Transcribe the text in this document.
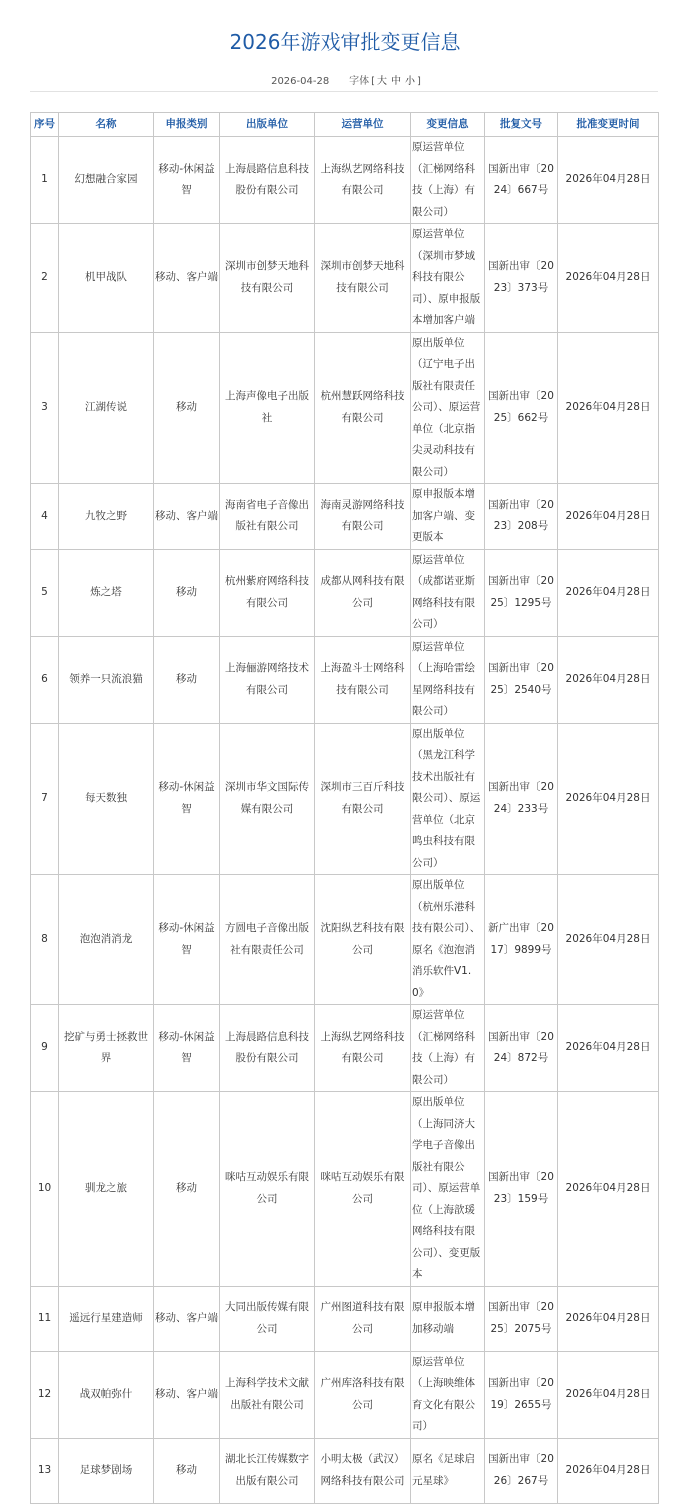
2026年游戏审批变更信息
2026-04-28 字体 [ 大 中 小 ]
序号	名称	申报类别	出版单位	运营单位	变更信息	批复文号	批准变更时间
1	幻想融合家园	移动-休闲益智	上海晨路信息科技股份有限公司	上海纵艺网络科技有限公司	原运营单位（汇梯网络科技（上海）有限公司）	国新出审〔2024〕667号	2026年04月28日
2	机甲战队	移动、客户端	深圳市创梦天地科技有限公司	深圳市创梦天地科技有限公司	原运营单位（深圳市梦域科技有限公司）、原申报版本增加客户端	国新出审〔2023〕373号	2026年04月28日
3	江湖传说	移动	上海声像电子出版社	杭州慧跃网络科技有限公司	原出版单位（辽宁电子出版社有限责任公司）、原运营单位（北京指尖灵动科技有限公司）	国新出审〔2025〕662号	2026年04月28日
4	九牧之野	移动、客户端	海南省电子音像出版社有限公司	海南灵游网络科技有限公司	原申报版本增加客户端、变更版本	国新出审〔2023〕208号	2026年04月28日
5	炼之塔	移动	杭州紫府网络科技有限公司	成都从网科技有限公司	原运营单位（成都诺亚斯网络科技有限公司）	国新出审〔2025〕1295号	2026年04月28日
6	领养一只流浪猫	移动	上海俪游网络技术有限公司	上海盈斗士网络科技有限公司	原运营单位（上海哈雷绘星网络科技有限公司）	国新出审〔2025〕2540号	2026年04月28日
7	每天数独	移动-休闲益智	深圳市华文国际传媒有限公司	深圳市三百斤科技有限公司	原出版单位（黑龙江科学技术出版社有限公司）、原运营单位（北京鸣虫科技有限公司）	国新出审〔2024〕233号	2026年04月28日
8	泡泡消消龙	移动-休闲益智	方圆电子音像出版社有限责任公司	沈阳纵艺科技有限公司	原出版单位（杭州乐港科技有限公司）、原名《泡泡消消乐软件V1.0》	新广出审〔2017〕9899号	2026年04月28日
9	挖矿与勇士拯救世界	移动-休闲益智	上海晨路信息科技股份有限公司	上海纵艺网络科技有限公司	原运营单位（汇梯网络科技（上海）有限公司）	国新出审〔2024〕872号	2026年04月28日
10	驯龙之旅	移动	咪咕互动娱乐有限公司	咪咕互动娱乐有限公司	原出版单位（上海同济大学电子音像出版社有限公司）、原运营单位（上海歆瑗网络科技有限公司）、变更版本	国新出审〔2023〕159号	2026年04月28日
11	遥远行星建造师	移动、客户端	大同出版传媒有限公司	广州图道科技有限公司	原申报版本增加移动端	国新出审〔2025〕2075号	2026年04月28日
12	战双帕弥什	移动、客户端	上海科学技术文献出版社有限公司	广州库洛科技有限公司	原运营单位（上海映维体育文化有限公司）	国新出审〔2019〕2655号	2026年04月28日
13	足球梦剧场	移动	湖北长江传媒数字出版有限公司	小明太极（武汉）网络科技有限公司	原名《足球启元星球》	国新出审〔2026〕267号	2026年04月28日
